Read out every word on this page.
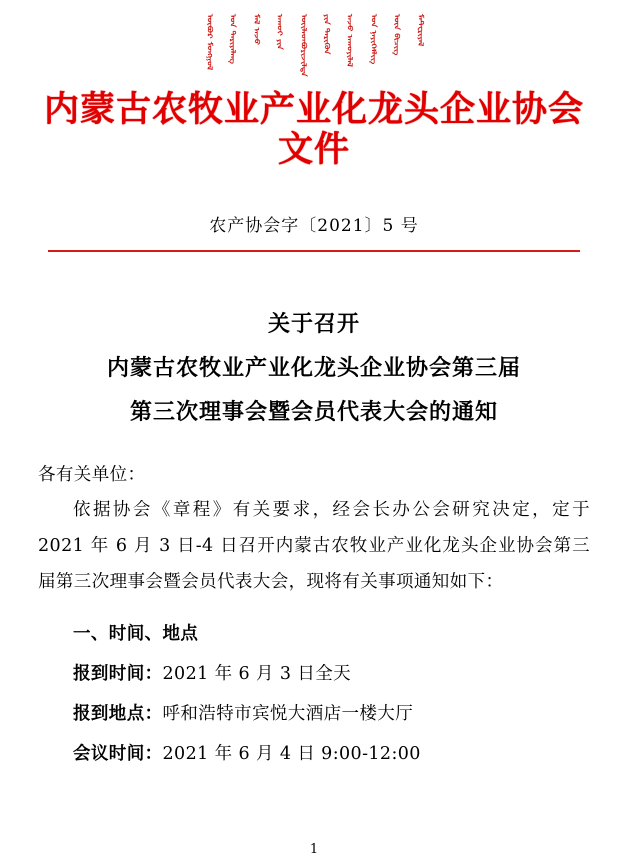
ᠥᠪᠥᠷ ᠮᠣᠩᠭᠣᠯ ᠤᠨ ᠲᠠᠷᠢᠶᠠᠯᠠᠩ ᠮᠠᠯ ᠠᠵᠤ ᠠᠬᠤᠢ ᠶᠢᠨ ᠦᠢᠯᠡᠳᠪᠦᠷᠢᠵᠢᠯᠲᠡ ᠶᠢᠨ ᠲᠡᠷᠢᠭᠦᠨ ᠠᠵᠤ ᠠᠬᠤᠶᠢᠯᠠᠯ ᠤᠨ ᠨᠡᠶᠢᠭᠡᠮᠯᠢᠭ ᠦᠨ ᠪᠢᠴᠢᠭ ᠮᠠᠲ᠋ᠧᠷᠢᠶᠠᠯ
内蒙古农牧业产业化龙头企业协会文件
农产协会字〔2021〕5 号
关于召开
内蒙古农牧业产业化龙头企业协会第三届
第三次理事会暨会员代表大会的通知

各有关单位：

依据协会《章程》有关要求，经会长办公会研究决定，定于 2021 年 6 月 3 日-4 日召开内蒙古农牧业产业化龙头企业协会第三届第三次理事会暨会员代表大会，现将有关事项通知如下：

一、时间、地点

报到时间：2021 年 6 月 3 日全天

报到地点：呼和浩特市宾悦大酒店一楼大厅

会议时间：2021 年 6 月 4 日 9:00-12:00

1
